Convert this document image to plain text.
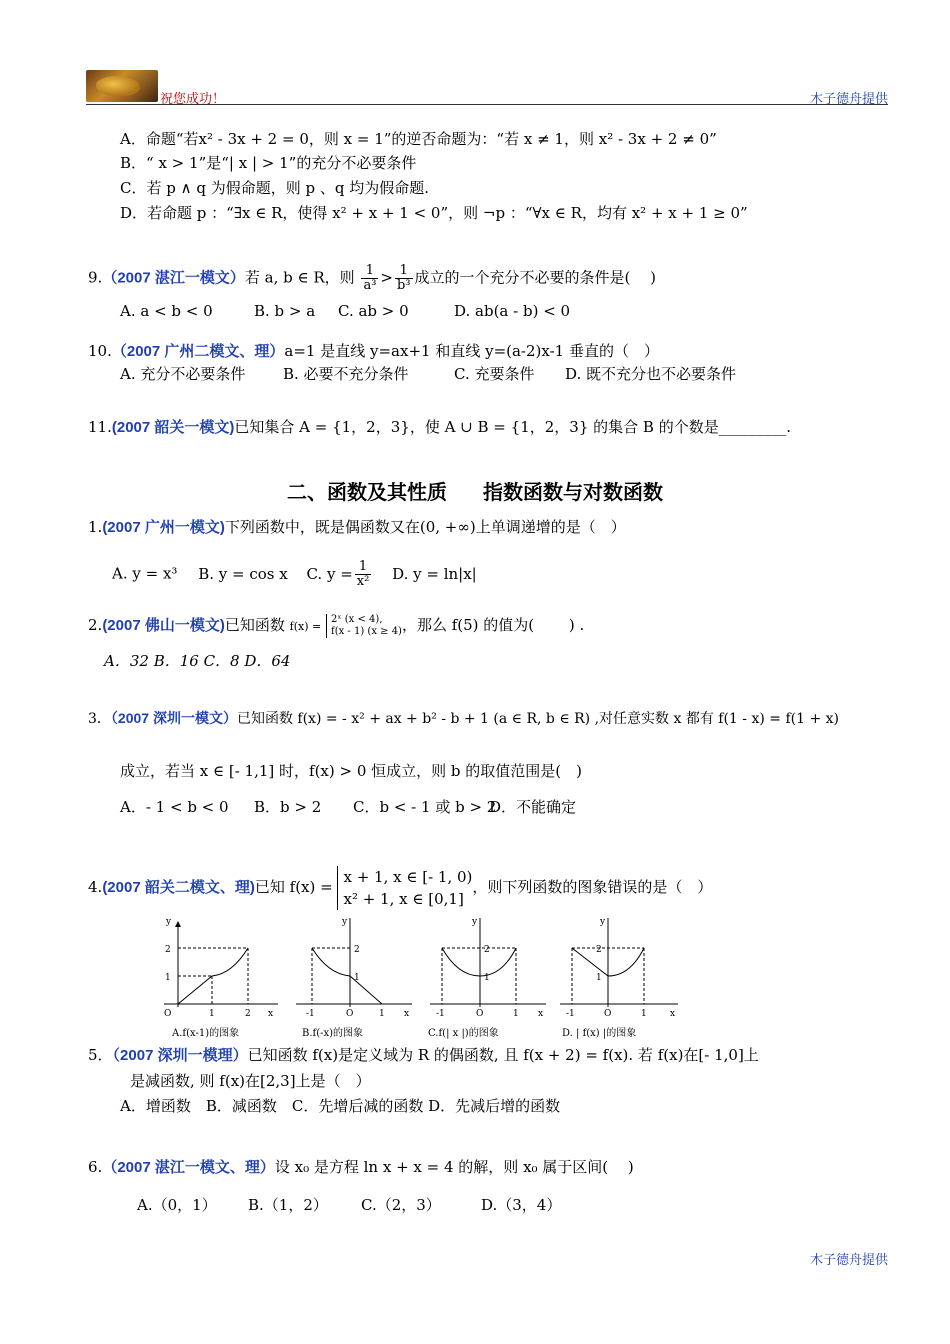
祝您成功！	木子德舟提供
A．命题“若x² - 3x + 2 = 0，则 x = 1”的逆否命题为：“若 x ≠ 1，则 x² - 3x + 2 ≠ 0”
B．“ x > 1”是“| x | > 1”的充分不必要条件
C．若 p ∧ q 为假命题，则 p 、q 均为假命题.
D．若命题 p ：“∃x ∈ R，使得 x² + x + 1 < 0”，则 ¬p ：“∀x ∈ R，均有 x² + x + 1 ≥ 0”
9.（2007 湛江一模文）若 a, b ∈ R，则 $\frac{1}{\text{a³}} > \frac{1}{\text{b³}}$ 成立的一个充分不必要的条件是(　 )
A. a < b < 0	B. b > a C. ab > 0	D. ab(a - b) < 0
10.（2007 广州二模文、理）a=1 是直线 y=ax+1 和直线 y=(a-2)x-1 垂直的（　）
A. 充分不必要条件	B. 必要不充分条件	C. 充要条件 D. 既不充分也不必要条件
11.(2007 韶关一模文)已知集合 A = {1，2，3}，使 A ∪ B = {1，2，3} 的集合 B 的个数是_________.
二、函数及其性质 指数函数与对数函数
1.(2007 广州一模文)下列函数中，既是偶函数又在(0, +∞)上单调递增的是（　）
A. y = x³ B. y = cos x C. $y = \frac{1}{\text{x²}} D$. y = ln|x|
2.(2007 佛山一模文)已知函数 f(x) =
2ˣ (x < 4),
f(x - 1) (x ≥ 4) ，那么 f(5) 的值为(　　 ) .
A．32 B．16 C．8 D．64
3．（2007 深圳一模文）已知函数 f(x) = - x² + ax + b² - b + 1 (a ∈ R, b ∈ R) ,对任意实数 x 都有 f(1 - x) = f(1 + x)
成立，若当 x ∈ [- 1,1] 时，f(x) > 0 恒成立，则 b 的取值范围是(　)
A．- 1 < b < 0 B．b > 2 C．b < - 1 或 b > 2
D．不能确定
4.(2007 韶关二模文、理)已知 f(x) =
x + 1, x ∈ [- 1, 0)
x² + 1, x ∈ [0,1]
，则下列函数的图象错误的是（　）
y
x
O
2
1
1	2
A.f(x-1)的图象
y
x
O
2
1
-1	1
B.f(-x)的图象
y
x
O
2
1
-1	1
C.f(| x |)的图象
y
x
O
2
1
-1	1
D. | f(x) |的图象
5．（2007 深圳一模理）已知函数 f(x)是定义域为 R 的偶函数, 且 f(x + 2) = f(x). 若 f(x)在[- 1,0]上
是减函数, 则 f(x)在[2,3]上是（　）
A．增函数　B．减函数　C．先增后减的函数 D．先减后增的函数
6.（2007 湛江一模文、理）设 x₀ 是方程 ln x + x = 4 的解，则 x₀ 属于区间(　 )
A.（0，1） B.（1，2） C.（2，3）	D.（3，4）
木子德舟提供
